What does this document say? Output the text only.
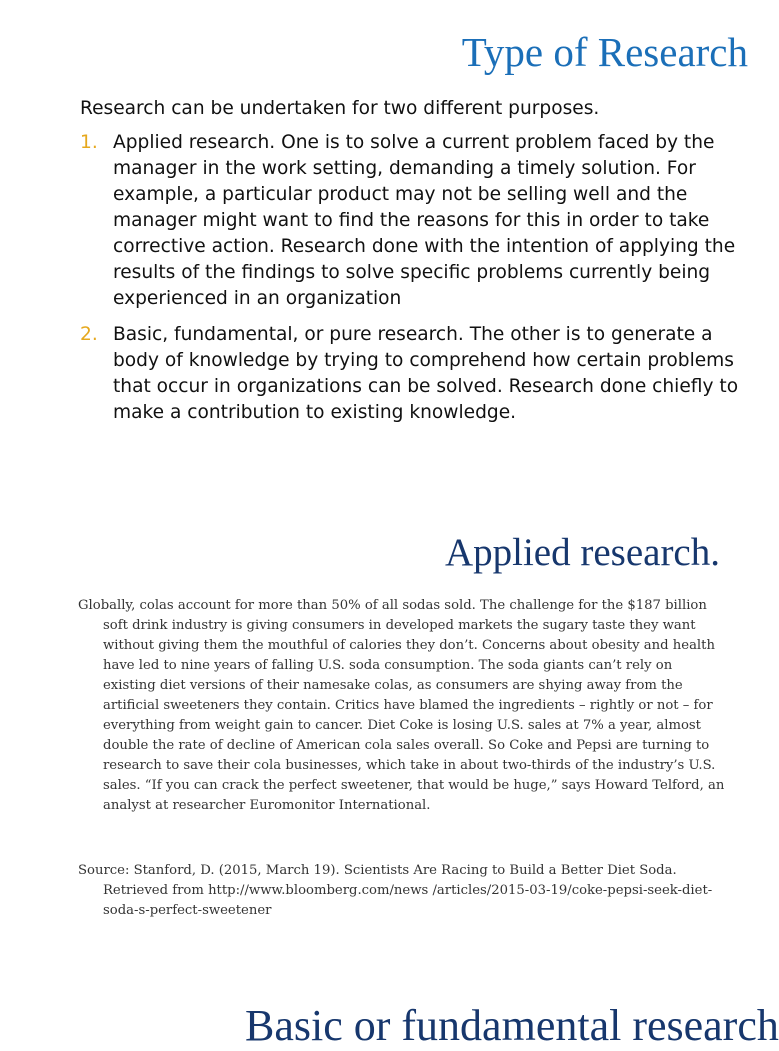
Type of Research

Research can be undertaken for two different purposes.

1. Applied research. One is to solve a current problem faced by the manager in the work setting, demanding a timely solution. For example, a particular product may not be selling well and the manager might want to find the reasons for this in order to take corrective action. Research done with the intention of applying the results of the findings to solve specific problems currently being experienced in an organization
2. Basic, fundamental, or pure research. The other is to generate a body of knowledge by trying to comprehend how certain problems that occur in organizations can be solved. Research done chiefly to make a contribution to existing knowledge.
Applied research.
Globally, colas account for more than 50% of all sodas sold. The challenge for the $187 billion soft drink industry is giving consumers in developed markets the sugary taste they want without giving them the mouthful of calories they don’t. Concerns about obesity and health have led to nine years of falling U.S. soda consumption. The soda giants can’t rely on existing diet versions of their namesake colas, as consumers are shying away from the artificial sweeteners they contain. Critics have blamed the ingredients – rightly or not – for everything from weight gain to cancer. Diet Coke is losing U.S. sales at 7% a year, almost double the rate of decline of American cola sales overall. So Coke and Pepsi are turning to research to save their cola businesses, which take in about two-thirds of the industry’s U.S. sales. “If you can crack the perfect sweetener, that would be huge,” says Howard Telford, an analyst at researcher Euromonitor International.
Source: Stanford, D. (2015, March 19). Scientists Are Racing to Build a Better Diet Soda. Retrieved from http://www.bloomberg.com/news /articles/2015-03-19/coke-pepsi-seek-diet-soda-s-perfect-sweetener
Basic or fundamental research
